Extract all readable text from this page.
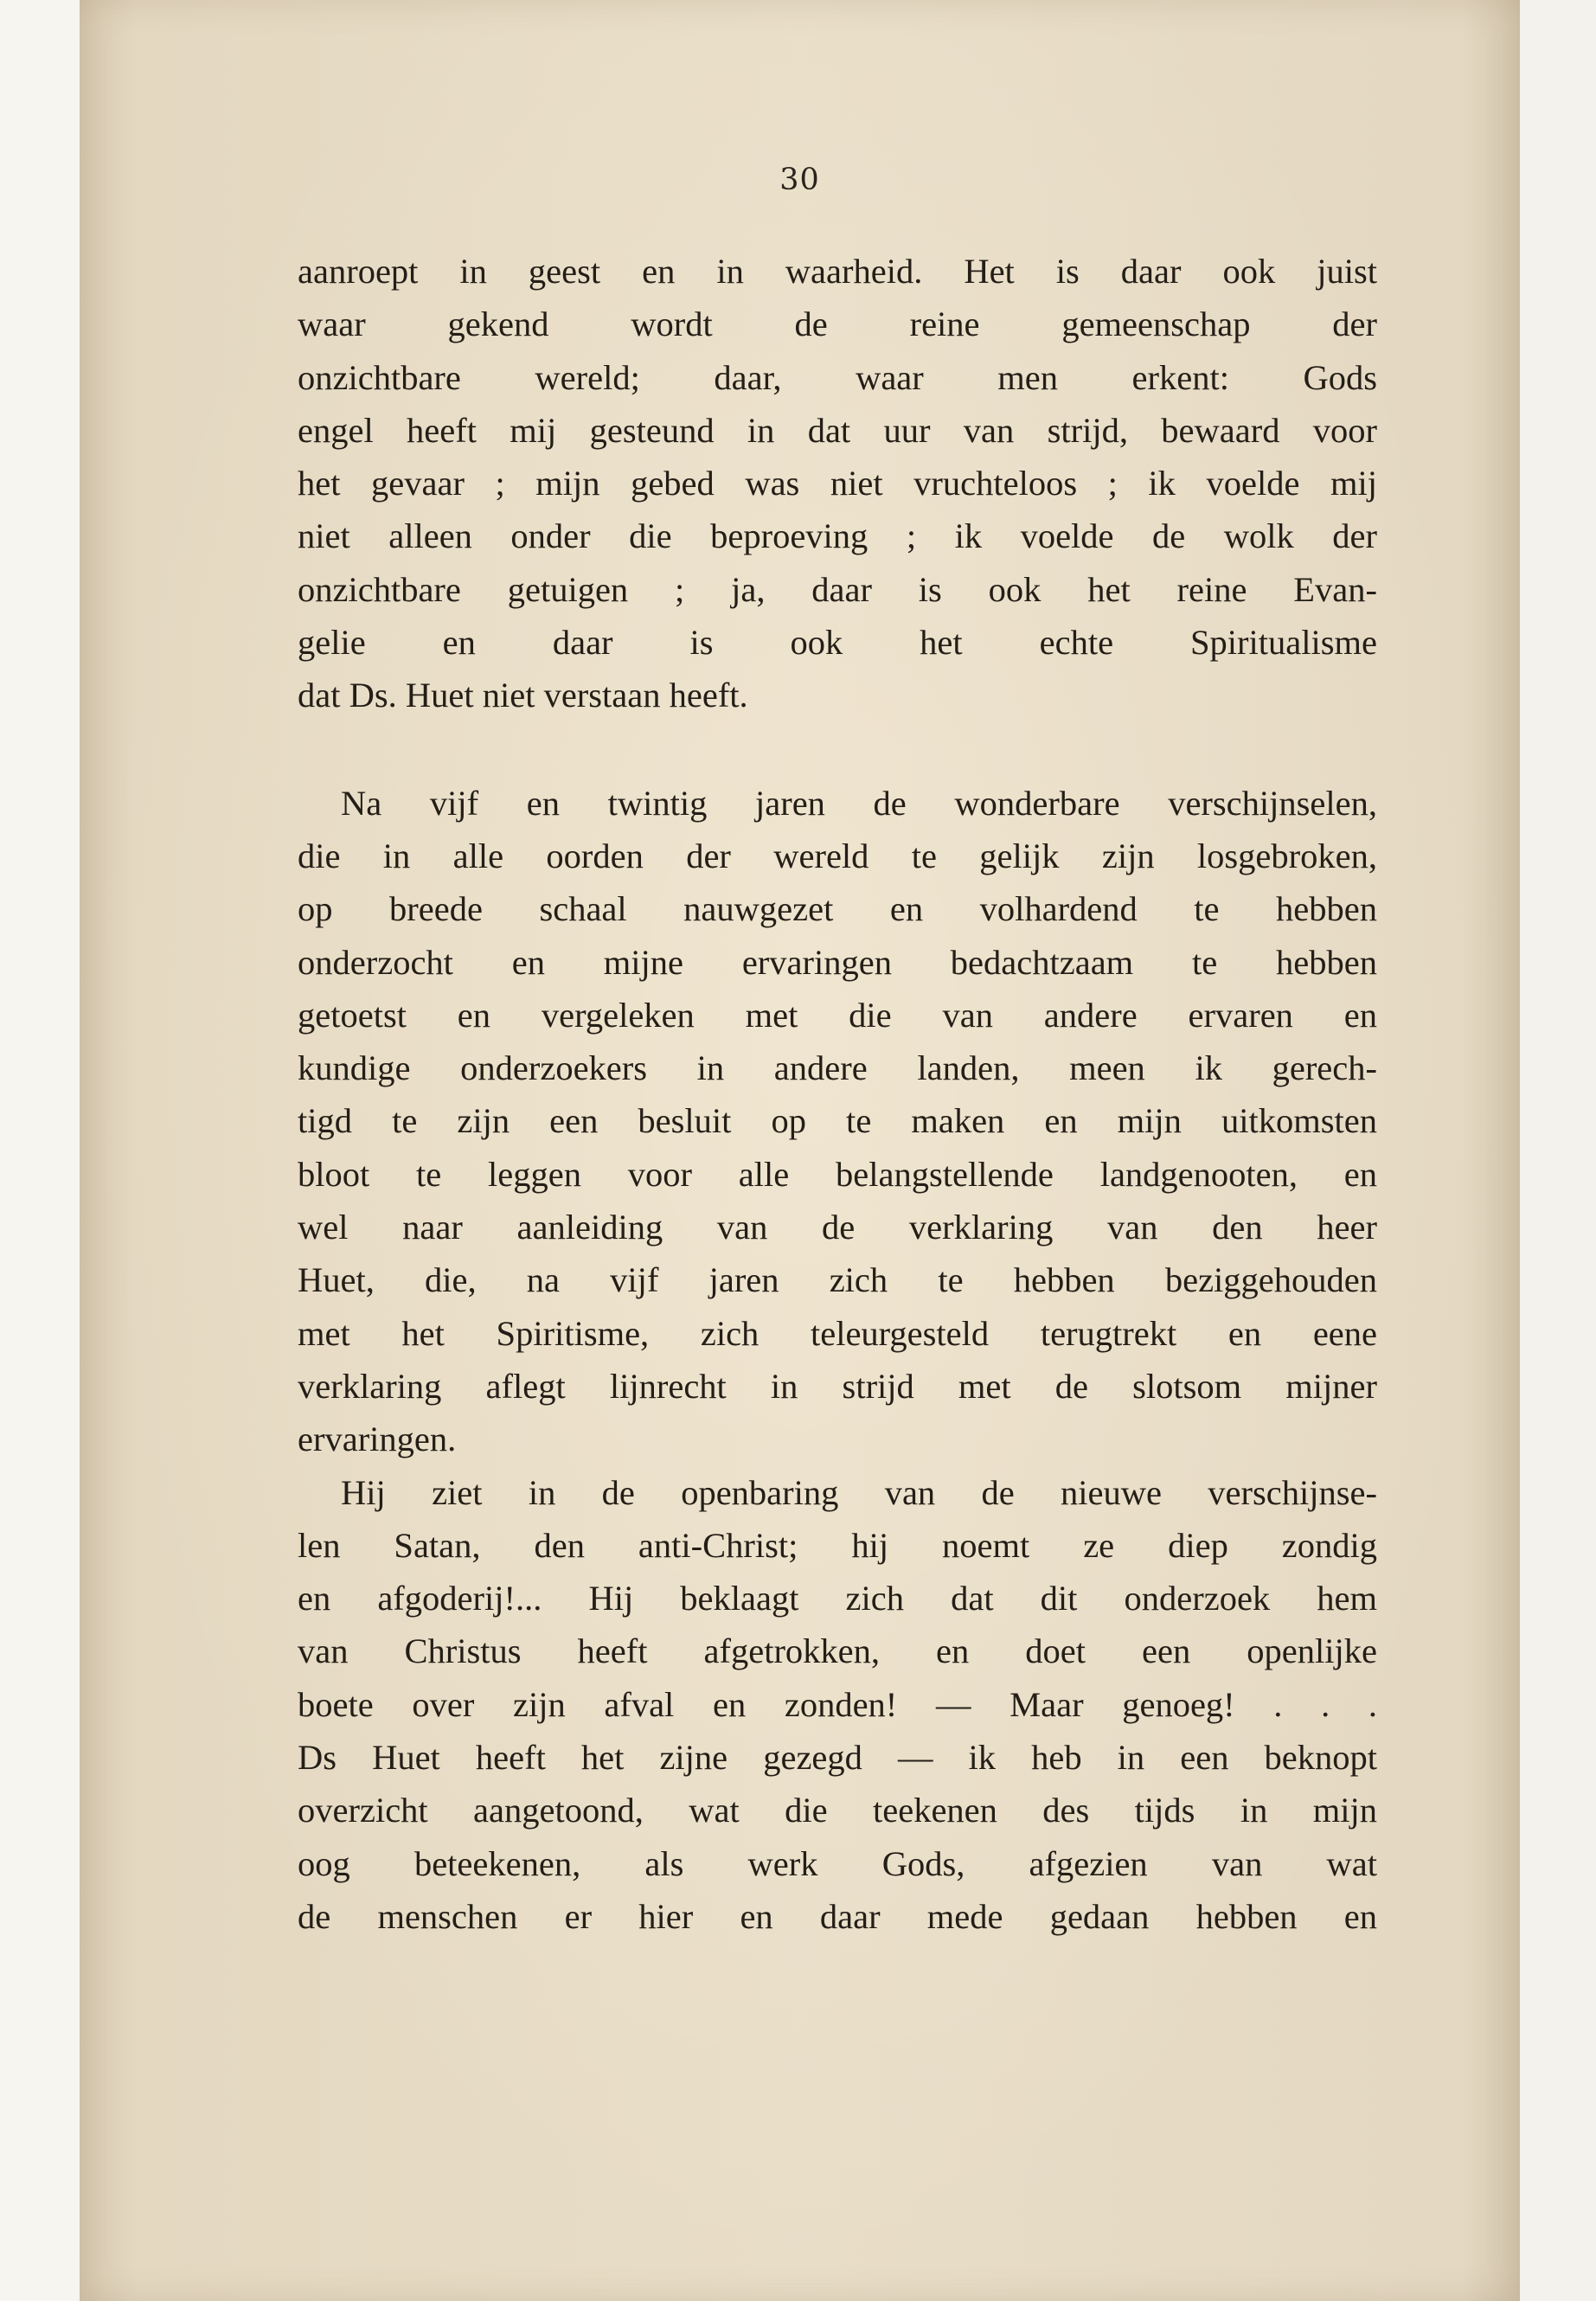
30
aanroept in geest en in waarheid. Het is daar ook juist
waar gekend wordt de reine gemeenschap der
onzichtbare wereld; daar, waar men erkent: Gods
engel heeft mij gesteund in dat uur van strijd, bewaard voor
het gevaar ; mijn gebed was niet vruchteloos ; ik voelde mij
niet alleen onder die beproeving ; ik voelde de wolk der
onzichtbare getuigen ; ja, daar is ook het reine Evan-
gelie en daar is ook het echte Spiritualisme
dat Ds. Huet niet verstaan heeft.
Na vijf en twintig jaren de wonderbare verschijnselen,
die in alle oorden der wereld te gelijk zijn losgebroken,
op breede schaal nauwgezet en volhardend te hebben
onderzocht en mijne ervaringen bedachtzaam te hebben
getoetst en vergeleken met die van andere ervaren en
kundige onderzoekers in andere landen, meen ik gerech-
tigd te zijn een besluit op te maken en mijn uitkomsten
bloot te leggen voor alle belangstellende landgenooten, en
wel naar aanleiding van de verklaring van den heer
Huet, die, na vijf jaren zich te hebben beziggehouden
met het Spiritisme, zich teleurgesteld terugtrekt en eene
verklaring aflegt lijnrecht in strijd met de slotsom mijner
ervaringen.
Hij ziet in de openbaring van de nieuwe verschijnse-
len Satan, den anti-Christ; hij noemt ze diep zondig
en afgoderij!... Hij beklaagt zich dat dit onderzoek hem
van Christus heeft afgetrokken, en doet een openlijke
boete over zijn afval en zonden! — Maar genoeg! . . .
Ds Huet heeft het zijne gezegd — ik heb in een beknopt
overzicht aangetoond, wat die teekenen des tijds in mijn
oog beteekenen, als werk Gods, afgezien van wat
de menschen er hier en daar mede gedaan hebben en
